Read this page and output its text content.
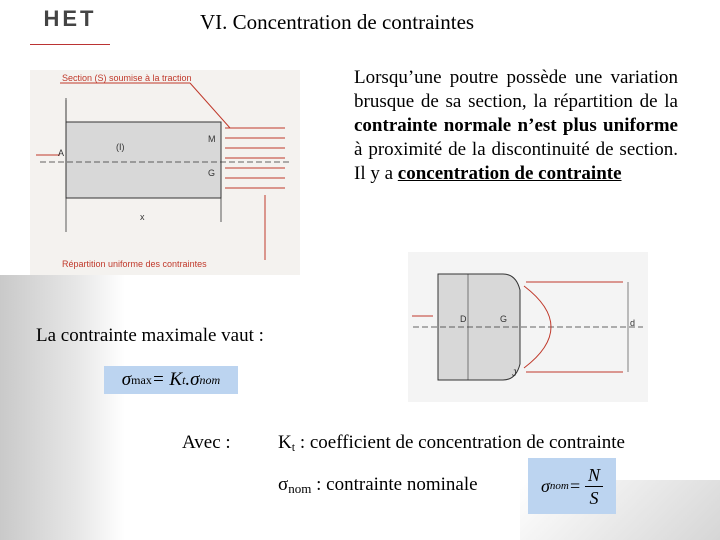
HET	VI. Concentration de contraintes
Section (S) soumise à la traction
Répartition uniforme des contraintes
M
G
A
x
(I)
Lorsqu’une poutre possède une variation brusque de sa section, la répartition de la contrainte normale n’est plus uniforme à proximité de la discontinuité de section. Il y a concentration de contrainte
G
J
D	d
La contrainte maximale vaut :
σ max = K t .σ nom
Avec : Kt : coefficient de concentration de contrainte
σnom : contrainte nominale	σ nom = $\frac{N}{S}$
